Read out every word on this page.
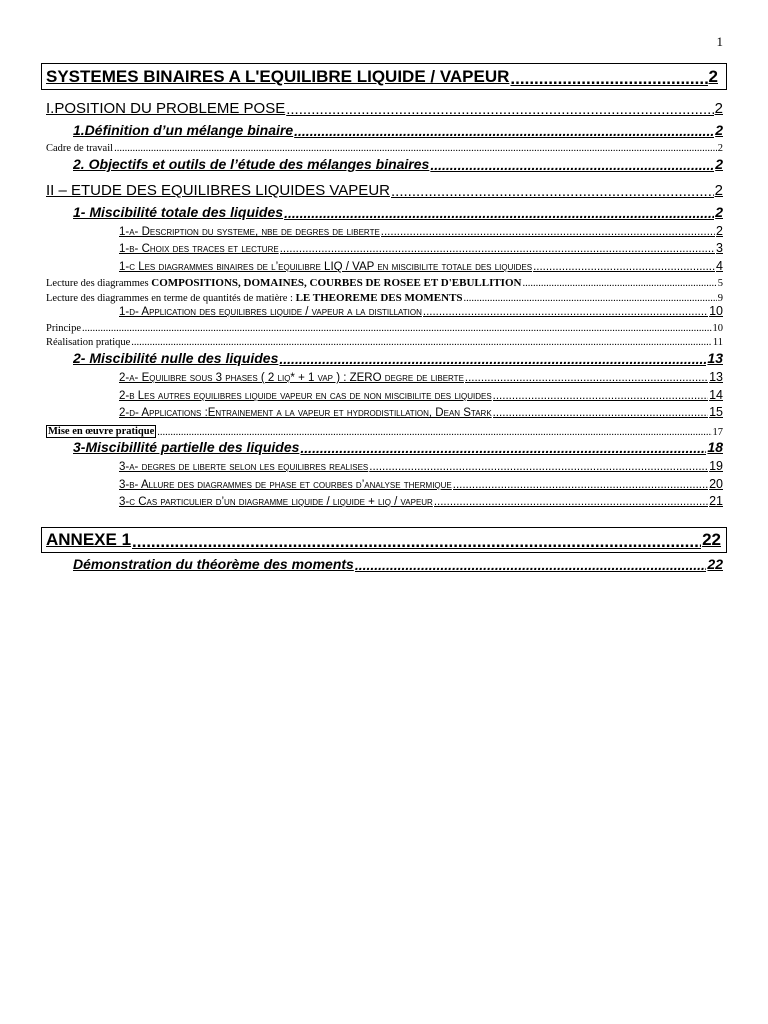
1
SYSTEMES BINAIRES A L'EQUILIBRE LIQUIDE / VAPEUR .....	2
I.POSITION DU PROBLEME POSE .....	2
1.Définition d’un mélange binaire .....	2
Cadre de travail .....	2
2. Objectifs et outils de l’étude des mélanges binaires .....	2
II – ETUDE DES EQUILIBRES LIQUIDES VAPEUR .....	2
1- Miscibilité totale des liquides .....	2
1-a- Description du systeme, nbe de degres de liberte .....	2
1-b- Choix des traces et lecture .....	3
1-c Les diagrammes binaires de l’equilibre LIQ / VAP en miscibilite totale des liquides .....	4
Lecture des diagrammes COMPOSITIONS, DOMAINES, COURBES DE ROSEE ET D'EBULLITION .....	5
Lecture des diagrammes en terme de quantités de matière : LE THEOREME DES MOMENTS .....	9
1-d- Application des equilibres liquide / vapeur a la distillation .....	10
Principe .....	10
Réalisation pratique .....	11
2- Miscibilité nulle des liquides .....	13
2-a- Equilibre sous 3 phases ( 2 liq* + 1 vap ) : ZERO degre de liberte .....	13
2-b Les autres equilibres liquide vapeur en cas de non miscibilite des liquides .....	14
2-d- Applications :Entrainement a la vapeur et hydrodistillation, Dean Stark .....	15
Mise en œuvre pratique .....	17
3-Miscibillité partielle des liquides .....	18
3-a- degres de liberte selon les equilibres realises .....	19
3-b- Allure des diagrammes de phase et courbes d’analyse thermique .....	20
3-c Cas particulier d’un diagramme liquide / liquide + liq / vapeur .....	21
ANNEXE 1 .....	22
Démonstration du théorème des moments .....	22
